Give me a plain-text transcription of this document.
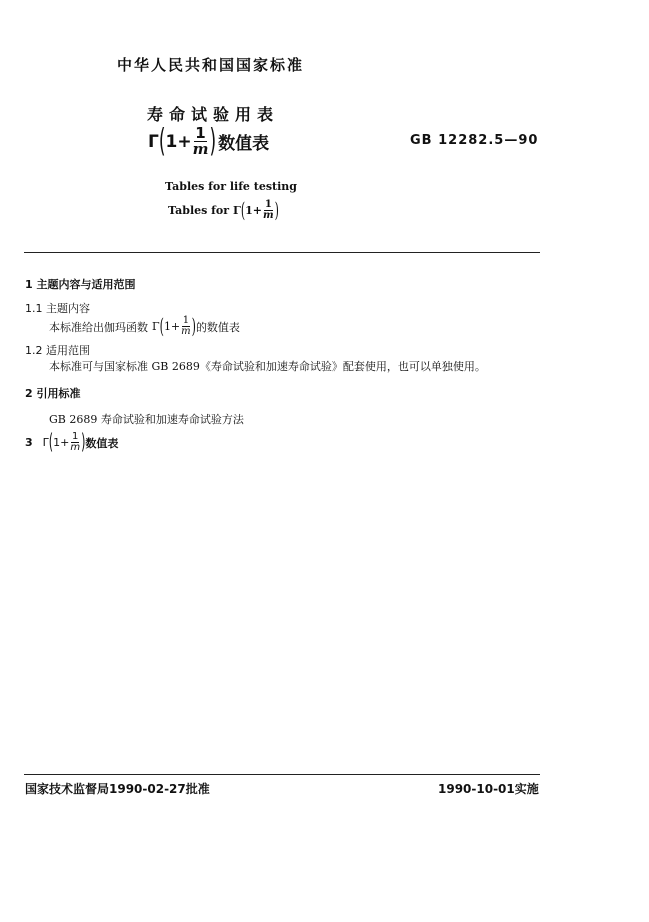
中华人民共和国国家标准
寿命试验用表
Γ ( $1+ \frac{1}{m}$ ) 数值表	GB 12282.5—90
Tables for life testing
Tables for Γ ( $1+ \frac{1}{m}$ )
1 主题内容与适用范围
1.1 主题内容
本标准给出伽玛函数 Γ ( $1+ \frac{1}{m}$ ) 的数值表
1.2 适用范围
本标准可与国家标准 GB 2689《寿命试验和加速寿命试验》配套使用，也可以单独使用。
2 引用标准
GB 2689 寿命试验和加速寿命试验方法
3 Γ ( $1+ \frac{1}{m}$ ) 数值表
国家技术监督局1990-02-27批准	1990-10-01实施
